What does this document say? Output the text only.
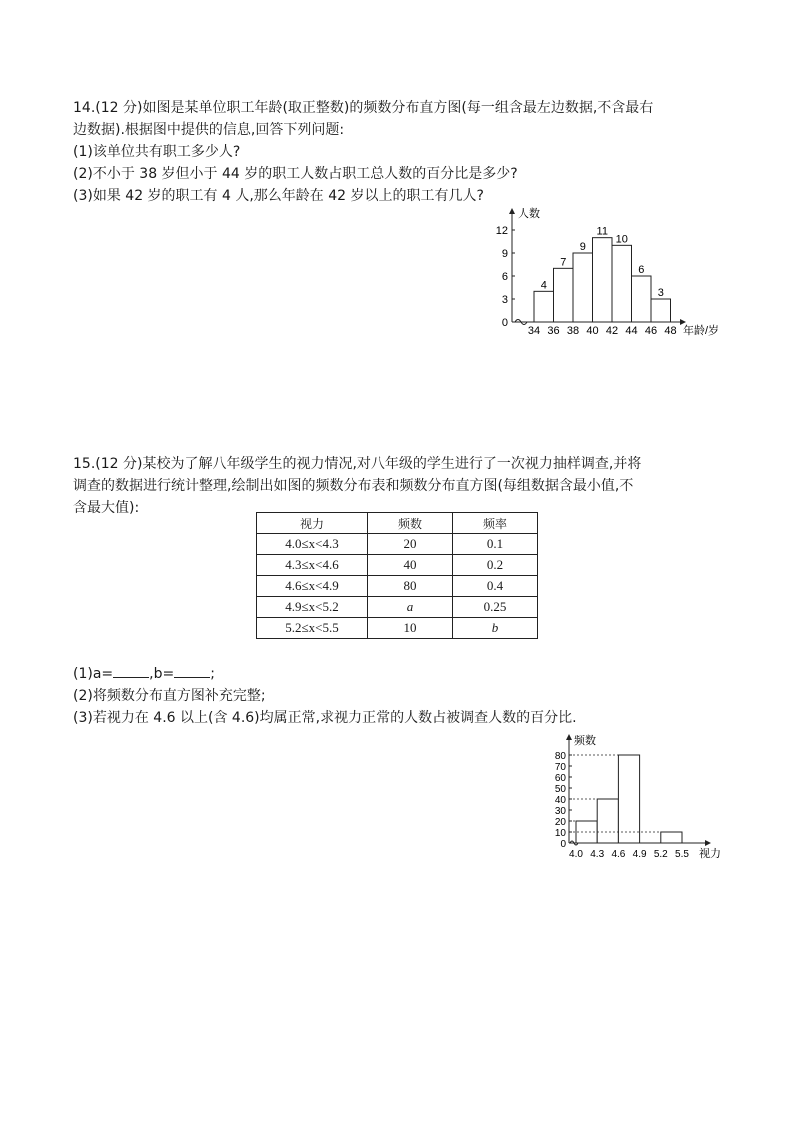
14.(12 分)如图是某单位职工年龄(取正整数)的频数分布直方图(每一组含最左边数据,不含最右
边数据).根据图中提供的信息,回答下列问题:
(1)该单位共有职工多少人?
(2)不小于 38 岁但小于 44 岁的职工人数占职工总人数的百分比是多少?
(3)如果 42 岁的职工有 4 人,那么年龄在 42 岁以上的职工有几人?
人数
年龄/岁
0
3
6
9
12
34 36 38 40 42 44 46 48
4
7
9
11
10
6
3
15.(12 分)某校为了解八年级学生的视力情况,对八年级的学生进行了一次视力抽样调查,并将
调查的数据进行统计整理,绘制出如图的频数分布表和频数分布直方图(每组数据含最小值,不
含最大值):
视力	频数	频率
4.0≤x<4.3	20	0.1
4.3≤x<4.6	40	0.2
4.6≤x<4.9	80	0.4
4.9≤x<5.2	a	0.25
5.2≤x<5.5	10	b
(1)a=	,b=	;
(2)将频数分布直方图补充完整;
(3)若视力在 4.6 以上(含 4.6)均属正常,求视力正常的人数占被调查人数的百分比.
频数
视力
0
10
20
30
40
50
60
70
80
4.0 4.3 4.6 4.9 5.2 5.5
